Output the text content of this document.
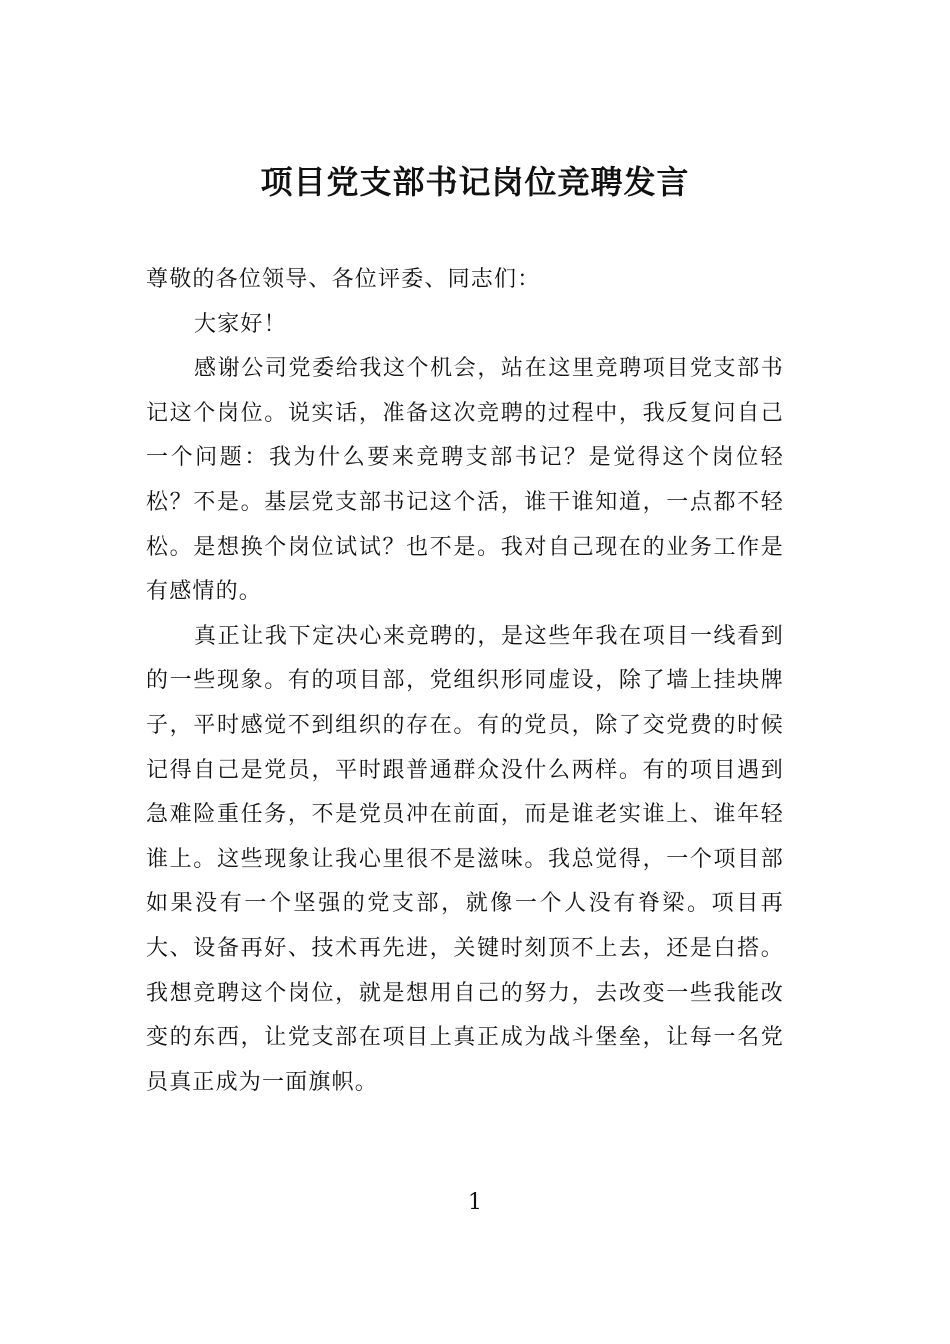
项目党支部书记岗位竞聘发言

尊敬的各位领导、各位评委、同志们：

大家好！

感谢公司党委给我这个机会，站在这里竞聘项目党支部书记这个岗位。说实话，准备这次竞聘的过程中，我反复问自己一个问题：我为什么要来竞聘支部书记？是觉得这个岗位轻松？不是。基层党支部书记这个活，谁干谁知道，一点都不轻松。是想换个岗位试试？也不是。我对自己现在的业务工作是有感情的。

真正让我下定决心来竞聘的，是这些年我在项目一线看到的一些现象。有的项目部，党组织形同虚设，除了墙上挂块牌子，平时感觉不到组织的存在。有的党员，除了交党费的时候记得自己是党员，平时跟普通群众没什么两样。有的项目遇到急难险重任务，不是党员冲在前面，而是谁老实谁上、谁年轻谁上。这些现象让我心里很不是滋味。我总觉得，一个项目部如果没有一个坚强的党支部，就像一个人没有脊梁。项目再大、设备再好、技术再先进，关键时刻顶不上去，还是白搭。我想竞聘这个岗位，就是想用自己的努力，去改变一些我能改变的东西，让党支部在项目上真正成为战斗堡垒，让每一名党员真正成为一面旗帜。

1
